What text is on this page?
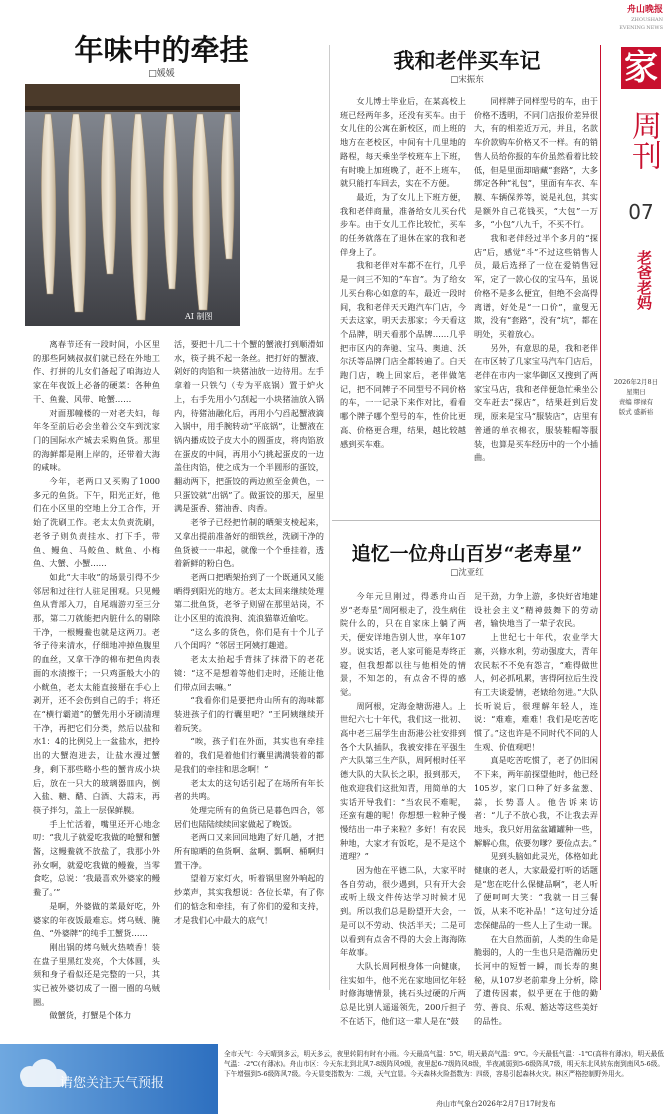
舟山晚报
ZHOUSHAN
EVENING NEWS
家
周刊
07
老爸老妈
2026年2月8日
星期日
责编 缪禄有
版式 盛新裕
年味中的牵挂
□媛媛
AI 制图

离春节还有一段时间，小区里的那些阿姨叔叔们就已经在外地工作、打拼的儿女们备起了咱海边人家在年夜饭上必备的硬菜：各种鱼干、鱼鲞、风带、呛蟹……

对面那幢楼的一对老夫妇，每年冬至前后必会坐着公交车到沈家门的国际水产城去采购鱼货。那里的海鲜都是刚上岸的，还带着大海的咸味。

今年，老两口又买购了1000多元的鱼货。下午，阳光正好，他们在小区里的空地上分工合作，开始了洗刷工作。老太太负责洗刷，老爷子则负责挂水、打下手，带鱼、鳗鱼、马鲛鱼、鱿鱼、小梅鱼、大蟹、小蟹……

如此“大丰收”的场景引得不少邻居和过往行人驻足围观。只见鳗鱼从背部入刀，自尾端游刃至三分那，第二刀就能把内脏什么的剔除干净，一根鳗鲞也就是这两刀。老爷子待来清水，仔细地冲掉鱼腹里的血丝，又拿干净的棉布把鱼肉表面的水渍擦干；一只鸡蛋般大小的小鱿鱼，老太太能直接掰在手心上剥开，还不会伤到自己的手；将还在“横行霸道”的蟹先用小牙刷清理干净，再把它们分类，然后以盐和水1：4的比例兑上一盆盐水，把拎出的大蟹泡进去，让盐水漫过蟹身，剩下那些略小些的蟹肯成小块后，放在一只大的玻璃器皿内，倒入盐、糖、醋、白酒、大蒜末，再筷子拌匀，盖上一层保鲜膜。

手上忙活着，嘴里还开心地念叨：“我儿子就爱吃我做的呛蟹和蟹酱，这鳗鲞就不放盐了，我那小外孙女啊，就爱吃我做的鳗鲞，当零食吃，总说：‘我最喜欢外婆家的鳗鲞了。’”

是啊，外婆做的菜最好吃，外婆家的年夜饭最难忘。烤乌贼、腌鱼、“外婆牌”的纯手工蟹货……

刚出锅的烤乌贼火热喷香！装在盘子里黑红发亮，个大体圆，头须和身子看似还是完整的一只，其实已被外婆切成了一圈一圈的乌贼圈。

做蟹货，打蟹是个体力

活，要把十几二十个蟹的蟹液打到顺滑如水，筷子挑不起一条丝。把打好的蟹液、剁好的肉馅和一块猪油放一边待用。左手拿着一只铁勺（专为平底锅）置于炉火上，右手先用小勺刮起一小块猪油放入锅内，待猪油融化后，再用小勺舀起蟹液滴入锅中，用手腕转动“平底锅”，让蟹液在锅内播成饺子皮大小的圆蛋皮，将肉馅放在蛋皮的中间，再用小勺挑起蛋皮的一边盖住肉馅，使之成为一个半圆形的蛋饺，翻动两下，把蛋饺的两边煎至金黄色，一只蛋饺就“出锅”了。做蛋饺的那天，屋里满是蛋香、猪油香、肉香。

老爷子已经把竹制的晒架支棱起来，又拿出提前准备好的细铁丝，洗刷干净的鱼货被一一串起，就像一个个垂挂着，透着新鲜的粉白色。

老两口把晒架抬到了一个既通风又能晒得到阳光的地方。老太太回来继续处理第二批鱼货，老爷子则留在那里站岗，不让小区里的流浪狗、流浪猫靠近偷吃。

“这么多的货色，你们是有十个儿子八个闺吗？”邻居王阿姨打趣道。

老太太抬起手背抹了抹滑下的老花镜：“这不是想着等他们走时，还能让他们带点回去嘛。”

“我看你们是要把舟山所有的海味都装进孩子们的行囊里吧？”王阿姨继续开着玩笑。

“唉，孩子们在外面，其实也有牵挂着的，我们是着他们行囊里满满装着的都是我们的牵挂和思念啊！”

老太太的这句话引起了在场所有年长者的共鸣。

处理完所有的鱼货已是暮色四合，邻居们也陆陆续续回家做起了晚饭。

老两口又来回回地跑了好几趟，才把所有晾晒的鱼货啊、盆啊、瓢啊、桶啊归置干净。

望着万家灯火，听着锅里窗外响起的炒菜声，其实我想说：各位长辈，有了你们的惦念和牵挂，有了你们的爱和支持，才是我们心中最大的底气！

我和老伴买车记
□宋振东

女儿博士毕业后，在某高校上班已经两年多，还没有买车。由于女儿住的公寓在新校区，而上班的地方在老校区，中间有十几里地的路程，每天乘坐学校班车上下班，有时晚上加班晚了，赶不上班车，就只能打车回去，实在不方便。

最近，为了女儿上下班方便，我和老伴商量，准备给女儿买台代步车。由于女儿工作比较忙，买车的任务就落在了退休在家的我和老伴身上了。

我和老伴对车都不在行，几乎是一问三不知的“车盲”。为了给女儿买台称心如意的车，最近一段时间，我和老伴天天跑汽车门店，今天去这家，明天去那家；今天看这个品牌，明天看那个品牌……几乎把市区内的奔驰、宝马、奥迪、沃尔沃等品牌门店全都转遍了。白天跑门店，晚上回家后，老伴做笔记，把不同牌子不同型号不同价格的车，一一记录下来作对比，看看哪个牌子哪个型号的车，性价比更高、价格更合理，结果，越比较越感到买车难。

同样牌子同样型号的车，由于价格不透明，不同门店报价差异很大，有的相差近万元，并且，名款车价款购车价格又不一样。有的销售人员给你报的车价虽然看着比较低，但是里面却暗藏“套路”，大多绑定各种“礼包”，里面有车衣、车膜、车辆保养等，说是礼包，其实是额外自己花钱买，“大包”一万多，“小包”八九千，不买不行。

我和老伴经过半个多月的“探店”后，感觉“斗”不过这些销售人员，最后选择了一位在爱销售冠军，定了一款心仪的宝马车，虽说价格不是多么便宜，但绝不会高得离谱，好处是“一口价”，童叟无欺，没有“套路”，没有“坑”，都在明处，买着放心。

另外，有意思的是，我和老伴在市区转了几家宝马汽车门店后，老伴在市内一家华御区又搜到了两家宝马店，我和老伴便急忙乘坐公交车赶去“探店”，结果赶到后发现，原来是宝马“服装店”，店里有普通的单衣棉衣，服装鞋帽等服装，也算是买车经历中的一个小插曲。

追忆一位舟山百岁“老寿星”
□沈亚红

今年元旦刚过，得悉舟山百岁“老寿星”周阿根走了，没生病住院什么的，只在自家床上躺了两天，便安详地告别人世，享年107岁。说实话，老人家可能是寿终正寝，但我想都以往与他相处的情景，不知怎的，有点舍不得的感觉。

周阿根，定海金塘沥港人。上世纪六七十年代，我们这一批初、高中老三届学生由沥港公社安排到各个大队插队，我被安排在平强生产大队第三生产队，周阿根时任平德大队的大队长之职，报到那天，他欢迎我们这批知青，用简单的大实话开导我们：“当农民不难呢，还蛮有趣的呢！你想想一粒种子慢慢结出一串子来粒？多好！有农民种地，大家才有饭吃，是不是这个道理？”

因为他在平德二队，大家平时各自劳动，很少遇到，只有开大会或听上级文件传达学习时候才见到。所以我们总是盼望开大会，一是可以不劳动、快活半天；二是可以看到有点舍不得的大会上海海陈年故事。

大队长周阿根身体一向健康，往实如牛，他不光在家地回忆年轻时修海塘情景，挑石头过硬的斤两总是比别人遥遥领先，200斤担子不在话下，他们这一辈人是在“鼓

足干劲，力争上游，多快好省地建设社会主义”精神鼓舞下的劳动者，输快地当了一辈子农民。

上世纪七十年代，农业学大寨，兴修水利，劳动强度大，青年农民耘不不免有怨言，“难得做世人，何必抓吼累，害得阿拉后生没有工夫谈爱情，老婊给勿进。”大队长听说后，很理解年轻人，连说：“难难，难难！我们是吃苦吃惯了。”这也许是不同时代不同的人生观、价值观吧！

真是吃苦吃惯了，老了仍旧闲不下来，两年前探望他时，他已经105岁，家门口种了好多盆葱、蒜，长势喜人。他告诉来访者：“儿子不放心我，不让我去弄地头，我只好用盆盆罐罐种一些，解解心焦，依要勿嗲？要俭点去。”

见到头脑如此灵光，体格如此健康的老人，大家最爱打听的话题是“您在吃什么保健品啊”，老人听了便呵呵大笑：“我就一日三餐饭，从来不吃补品！”这句过分适恋保健品的一些人上了生动一课。

在大自然面前，人类的生命是脆弱的，人的一生也只是浩瀚历史长河中的短暂一瞬，而长寿的奥秘，从107岁老前辈身上分析，除了遗传因素，似乎更在于他的勤劳、善良、乐观、豁达等这些美好的品性。

请您关注天气预报
全市天气：今天晴到多云，明天多云，夜里转阴有时有小雨。今天最高气温：5℃，明天最高气温：9℃。今天最低气温：-1℃(高梓有薄冰)，明天最低气温：-2℃(有薄冰)。舟山市区：今天东北到北风7-8级阵风9级，夜里起6-7级阵风8级，半夜减弱到5-6级阵风7级，明天东北风转东南到南风5-6级。下午增强到5-6级阵风7级。今天显变指数为：二级，天气宜显。今天森林火险指数为：四级，容易引起森林火灾。林区严格控制野外用火。
舟山市气象台2026年2月7日17时发布
